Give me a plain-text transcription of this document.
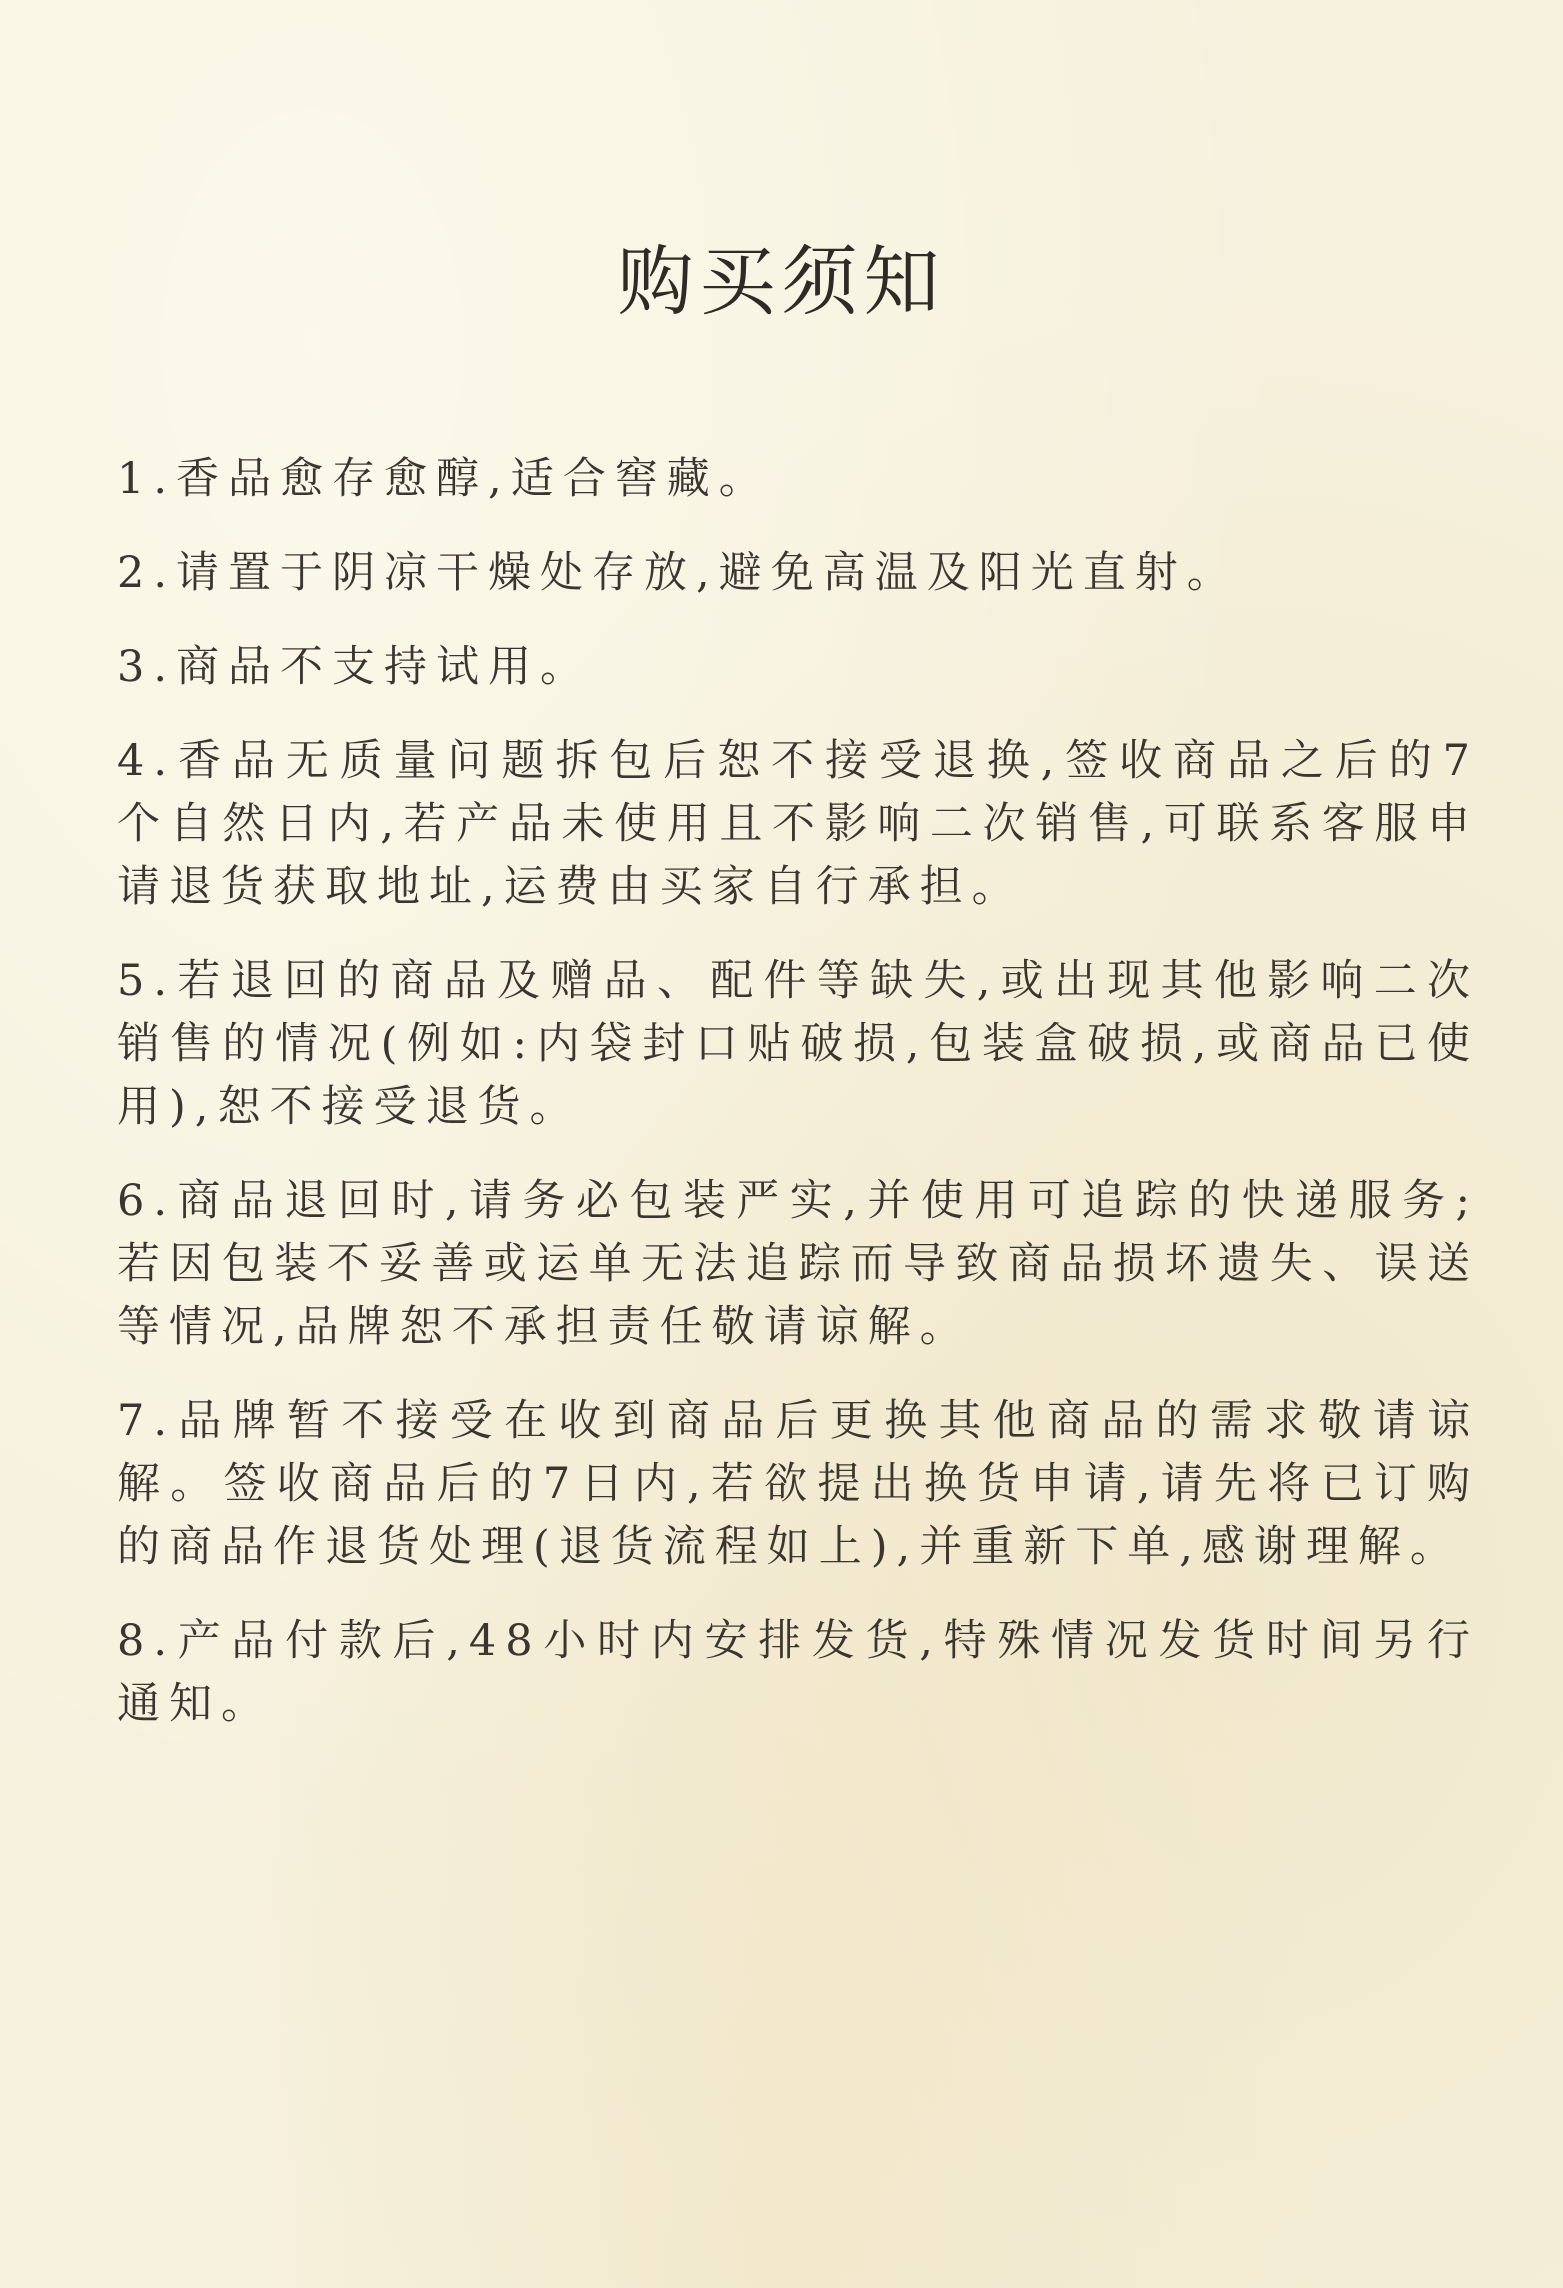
购买须知
1.香品愈存愈醇,适合窖藏。
2.请置于阴凉干燥处存放,避免高温及阳光直射。
3.商品不支持试用。
4.香品无质量问题拆包后恕不接受退换,签收商品之后的7个自然日内,若产品未使用且不影响二次销售,可联系客服申请退货获取地址,运费由买家自行承担。
5.若退回的商品及赠品、配件等缺失,或出现其他影响二次销售的情况(例如:内袋封口贴破损,包装盒破损,或商品已使用),恕不接受退货。
6.商品退回时,请务必包装严实,并使用可追踪的快递服务;若因包装不妥善或运单无法追踪而导致商品损坏遗失、误送等情况,品牌恕不承担责任敬请谅解。
7.品牌暂不接受在收到商品后更换其他商品的需求敬请谅解。签收商品后的7日内,若欲提出换货申请,请先将已订购的商品作退货处理(退货流程如上),并重新下单,感谢理解。
8.产品付款后,48小时内安排发货,特殊情况发货时间另行通知。
